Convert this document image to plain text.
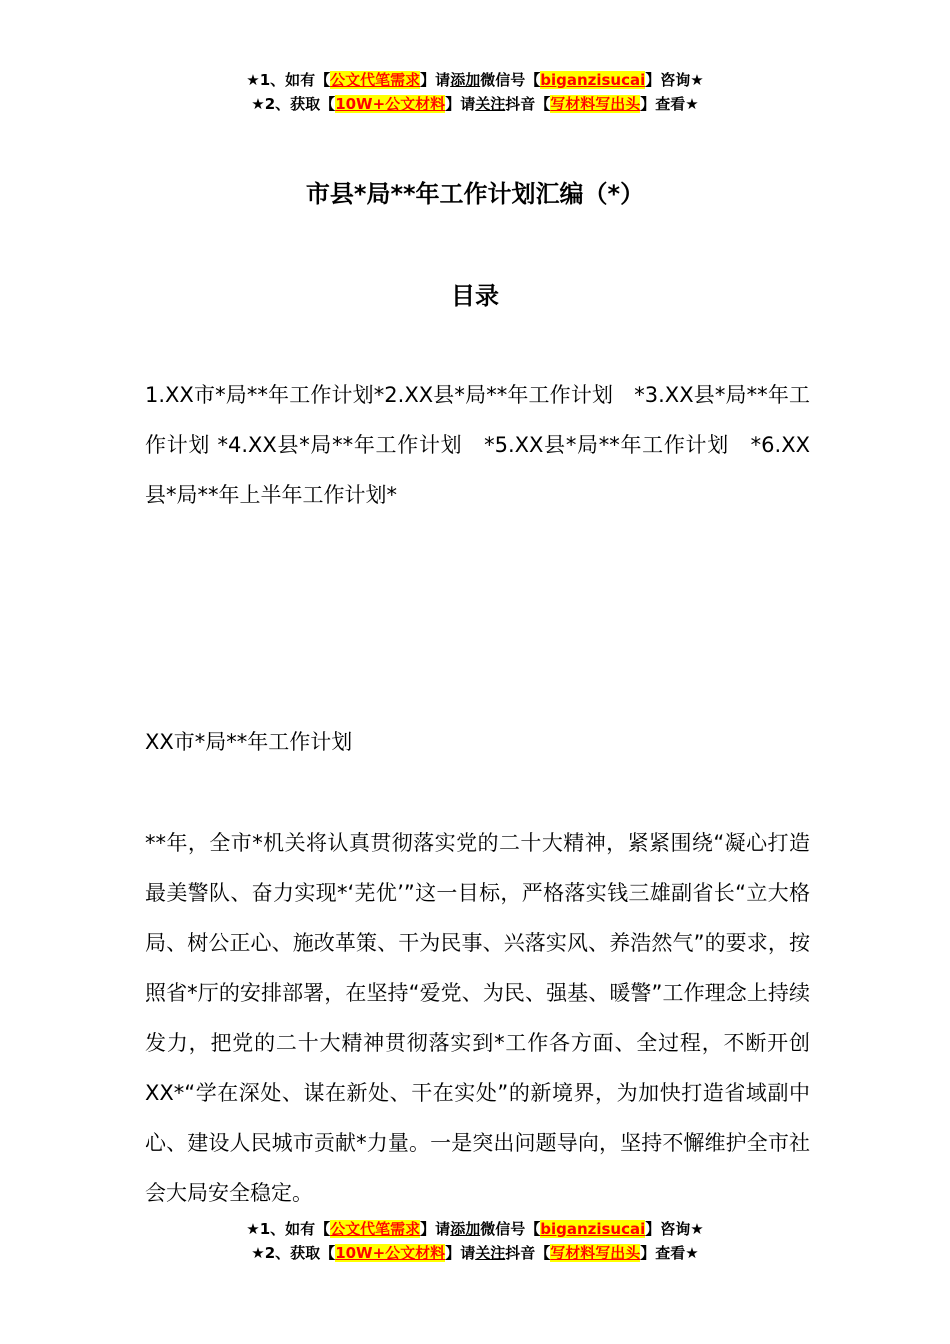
★1、如有【公文代笔需求】请添加微信号【biganzisucai】咨询★
★2、获取【10W+公文材料】请关注抖音【写材料写出头】查看★
市县*局**年工作计划汇编（*）
目录
1.XX市*局**年工作计划*2.XX县*局**年工作计划　*3.XX县*局**年工作计划 *4.XX县*局**年工作计划　*5.XX县*局**年工作计划　*6.XX县*局**年上半年工作计划*
XX市*局**年工作计划
**年，全市*机关将认真贯彻落实党的二十大精神，紧紧围绕“凝心打造最美警队、奋力实现*‘芜优’”这一目标，严格落实钱三雄副省长“立大格局、树公正心、施改革策、干为民事、兴落实风、养浩然气”的要求，按照省*厅的安排部署，在坚持“爱党、为民、强基、暖警”工作理念上持续发力，把党的二十大精神贯彻落实到*工作各方面、全过程，不断开创XX*“学在深处、谋在新处、干在实处”的新境界，为加快打造省域副中心、建设人民城市贡献*力量。一是突出问题导向，坚持不懈维护全市社会大局安全稳定。
★1、如有【公文代笔需求】请添加微信号【biganzisucai】咨询★
★2、获取【10W+公文材料】请关注抖音【写材料写出头】查看★
